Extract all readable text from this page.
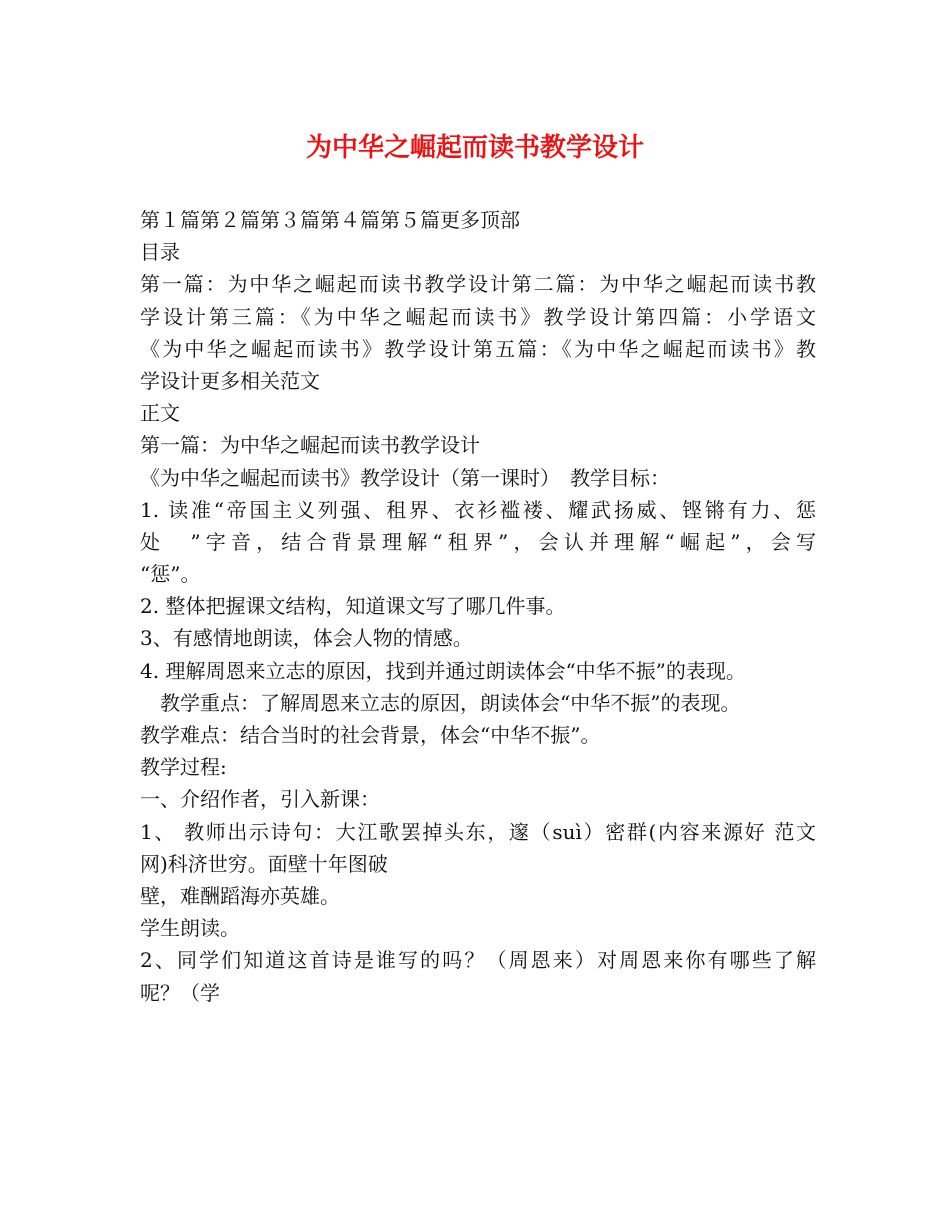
为中华之崛起而读书教学设计
第１篇第２篇第３篇第４篇第５篇更多顶部
目录
第一篇：为中华之崛起而读书教学设计第二篇：为中华之崛起而读书教
学设计第三篇：《为中华之崛起而读书》教学设计第四篇：小学语文
《为中华之崛起而读书》教学设计第五篇：《为中华之崛起而读书》教
学设计更多相关范文
正文
第一篇：为中华之崛起而读书教学设计
《为中华之崛起而读书》教学设计（第一课时）　教学目标：
1. 读准“帝国主义列强、租界、衣衫褴褛、耀武扬威、铿锵有力、惩
处　”字音，结合背景理解“租界”，会认并理解“崛起”，会写
“惩”。
2. 整体把握课文结构，知道课文写了哪几件事。
3、有感情地朗读，体会人物的情感。
4. 理解周恩来立志的原因，找到并通过朗读体会“中华不振”的表现。
　教学重点：了解周恩来立志的原因，朗读体会“中华不振”的表现。
教学难点：结合当时的社会背景，体会“中华不振”。
教学过程:
一、介绍作者，引入新课：
1、 教师出示诗句：大江歌罢掉头东，邃（suì）密群(内容来源好 范文
网)科济世穷。面壁十年图破
壁，难酬蹈海亦英雄。
学生朗读。
2、同学们知道这首诗是谁写的吗？（周恩来）对周恩来你有哪些了解
呢？（学
